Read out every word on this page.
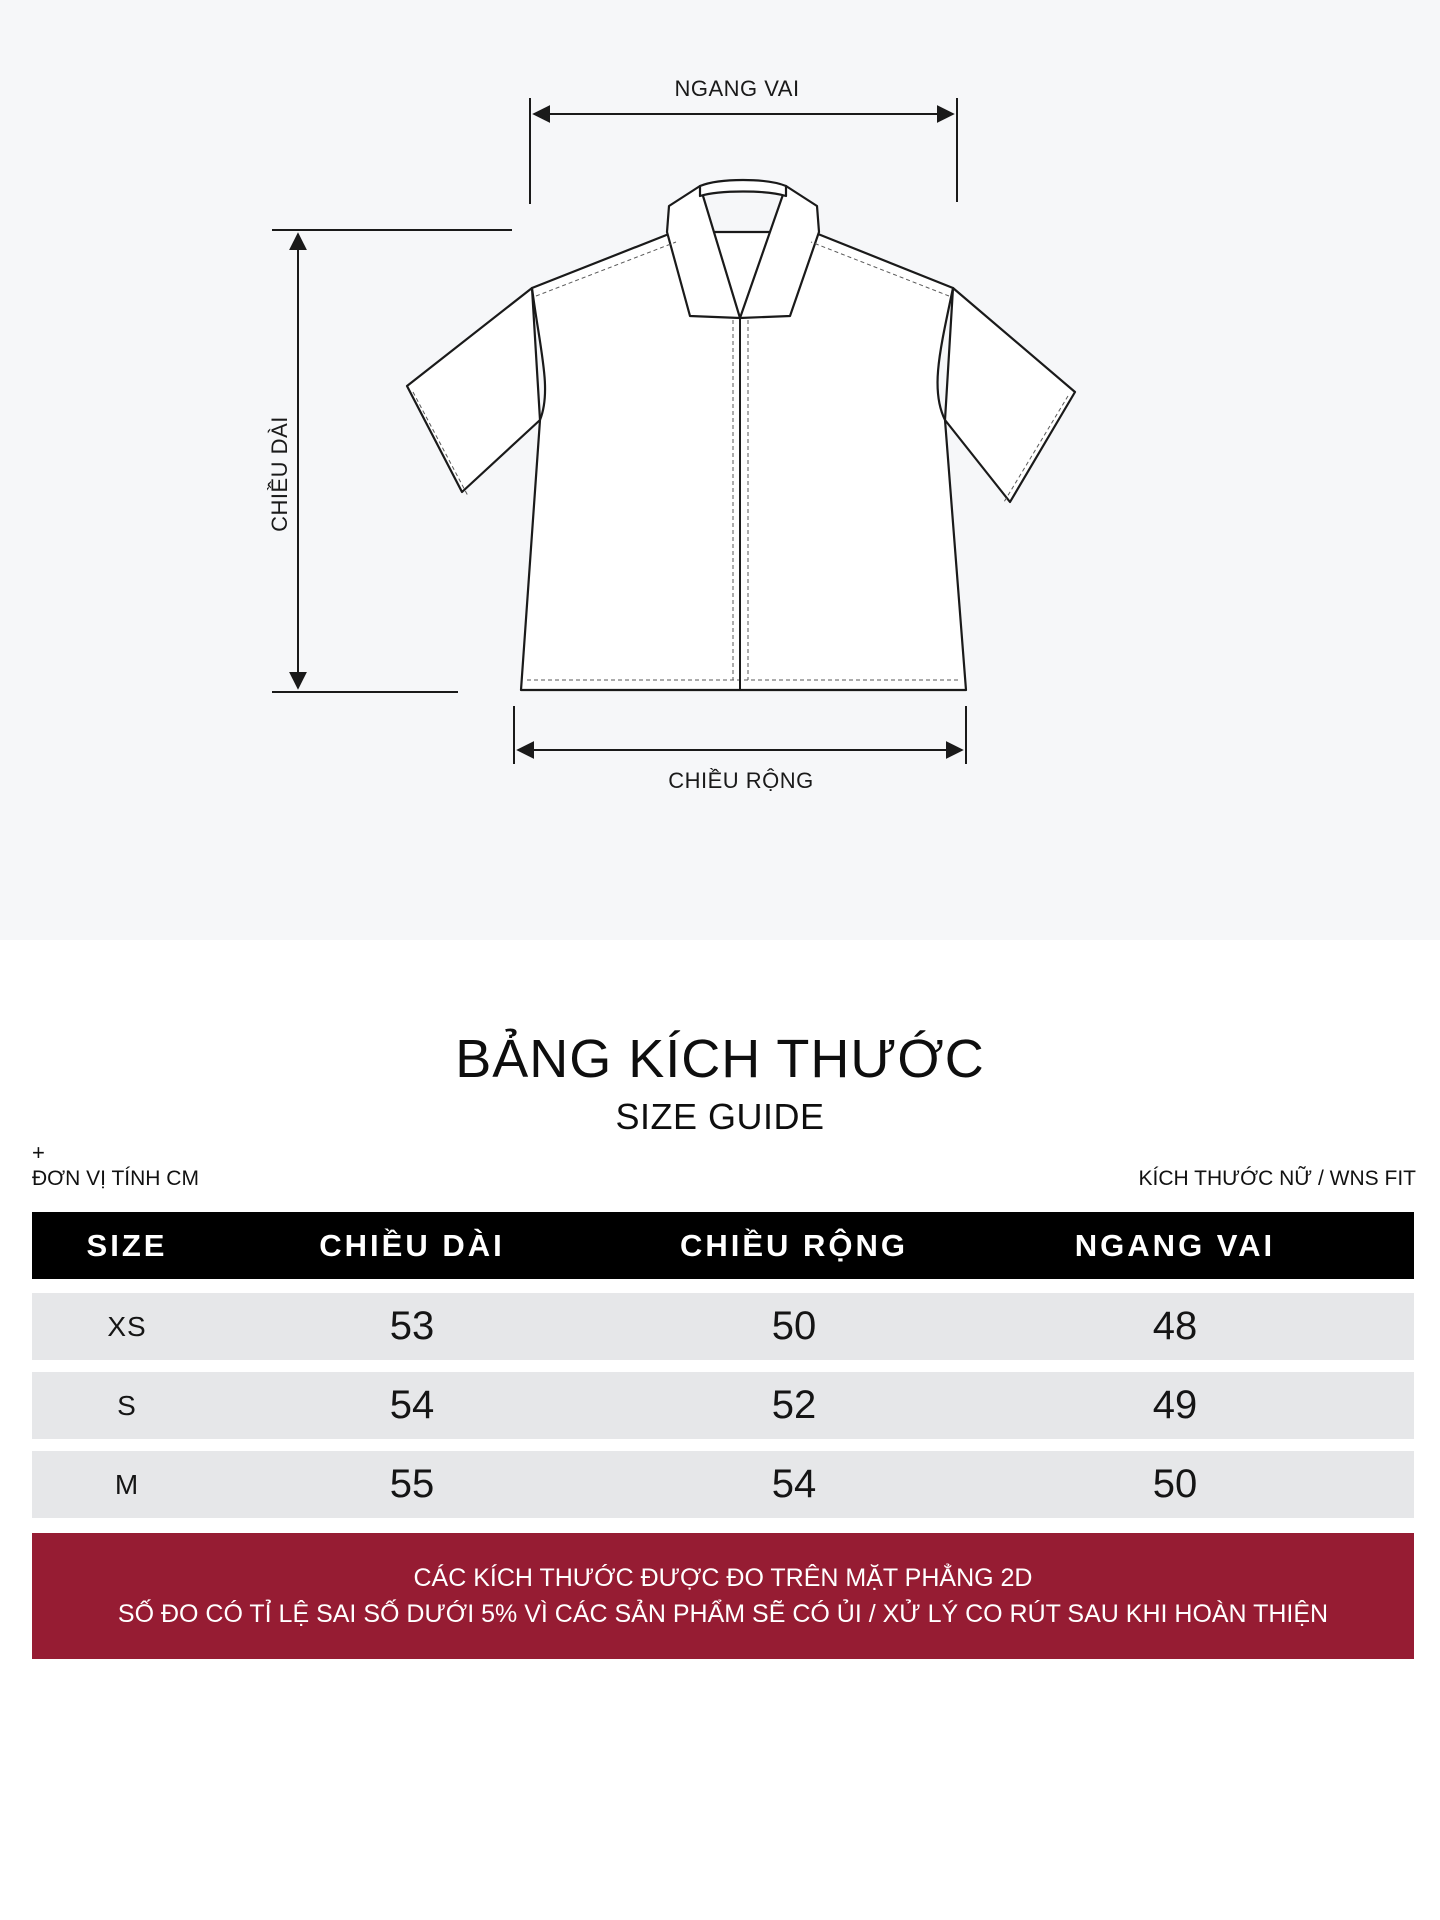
NGANG VAI
CHIỀU DÀI
CHIỀU RỘNG
BẢNG KÍCH THƯỚC
SIZE GUIDE
+
ĐƠN VỊ TÍNH CM	KÍCH THƯỚC NỮ / WNS FIT
SIZE	CHIỀU DÀI	CHIỀU RỘNG	NGANG VAI
XS	53	50	48
S	54	52	49
M	55	54	50
CÁC KÍCH THƯỚC ĐƯỢC ĐO TRÊN MẶT PHẲNG 2D
SỐ ĐO CÓ TỈ LỆ SAI SỐ DƯỚI 5% VÌ CÁC SẢN PHẨM SẼ CÓ ỦI / XỬ LÝ CO RÚT SAU KHI HOÀN THIỆN
